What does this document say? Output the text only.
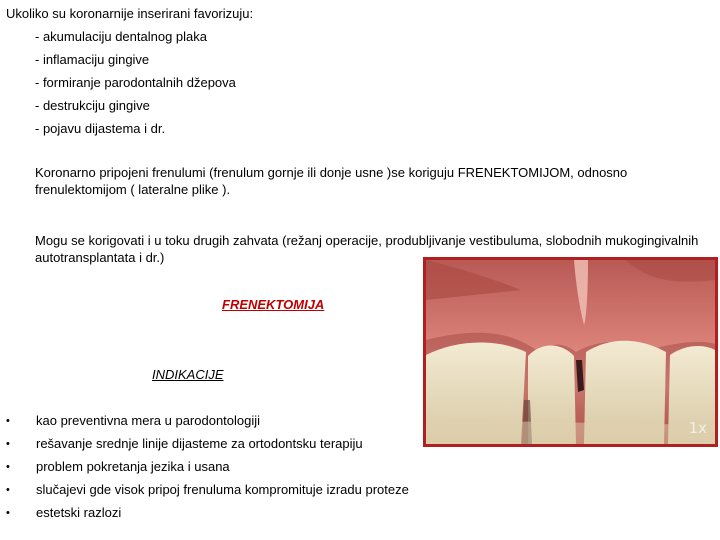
Ukoliko su koronarnije inserirani favorizuju:
- akumulaciju dentalnog plaka
- inflamaciju gingive
- formiranje parodontalnih džepova
- destrukciju gingive
- pojavu dijastema i dr.
Koronarno pripojeni frenulumi (frenulum gornje ili donje usne )se koriguju FRENEKTOMIJOM, odnosno frenulektomijom ( lateralne plike ).
Mogu se korigovati i u toku drugih zahvata (režanj operacije, produbljivanje vestibuluma, slobodnih mukogingivalnih autotransplantata i dr.)
1x
FRENEKTOMIJA
INDIKACIJE
•	kao preventivna mera u parodontologiji
•	rešavanje srednje linije dijasteme za ortodontsku terapiju
•	problem pokretanja jezika i usana
•	slučajevi gde visok pripoj frenuluma kompromituje izradu proteze
•	estetski razlozi
